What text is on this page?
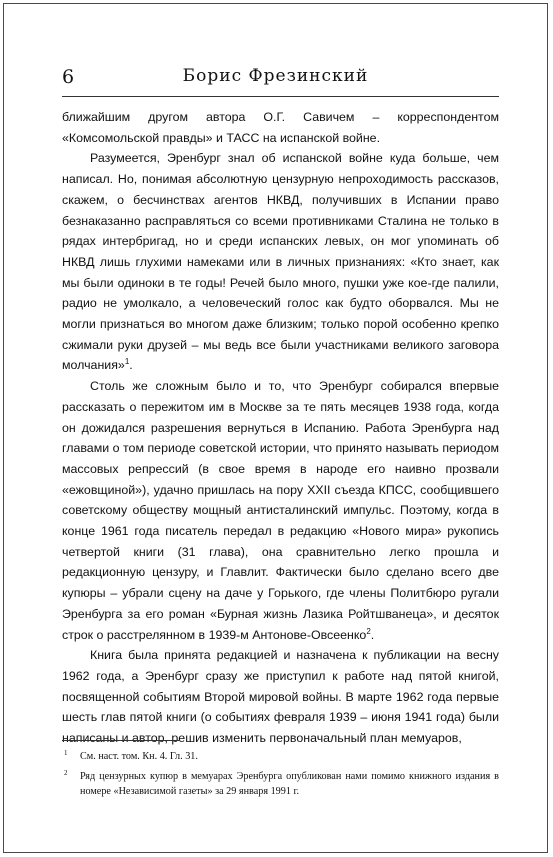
6	Борис Фрезинский

ближайшим другом автора О.Г. Савичем – корреспондентом «Комсомольской правды» и ТАСС на испанской войне.

Разумеется, Эренбург знал об испанской войне куда больше, чем написал. Но, понимая абсолютную цензурную непроходимость рассказов, скажем, о бесчинствах агентов НКВД, получивших в Испании право безнаказанно расправляться со всеми противниками Сталина не только в рядах интербригад, но и среди испанских левых, он мог упоминать об НКВД лишь глухими намеками или в личных признаниях: «Кто знает, как мы были одиноки в те годы! Речей было много, пушки уже кое-где палили, радио не умолкало, а человеческий голос как будто оборвался. Мы не могли признаться во многом даже близким; только порой особенно крепко сжимали руки друзей – мы ведь все были участниками великого заговора молчания»$^1$.

Столь же сложным было и то, что Эренбург собирался впервые рассказать о пережитом им в Москве за те пять месяцев 1938 года, когда он дожидался разрешения вернуться в Испанию. Работа Эренбурга над главами о том периоде советской истории, что принято называть периодом массовых репрессий (в свое время в народе его наивно прозвали «ежовщиной»), удачно пришлась на пору XXII съезда КПСС, сообщившего советскому обществу мощный антисталинский импульс. Поэтому, когда в конце 1961 года писатель передал в редакцию «Нового мира» рукопись четвертой книги (31 глава), она сравнительно легко прошла и редакционную цензуру, и Главлит. Фактически было сделано всего две купюры – убрали сцену на даче у Горького, где члены Политбюро ругали Эренбурга за его роман «Бурная жизнь Лазика Ройтшванеца», и десяток строк о расстрелянном в 1939-м Антонове-Овсеенко$^2$.

Книга была принята редакцией и назначена к публикации на весну 1962 года, а Эренбург сразу же приступил к работе над пятой книгой, посвященной событиям Второй мировой войны. В марте 1962 года первые шесть глав пятой книги (о событиях февраля 1939 – июня 1941 года) были написаны и автор, решив изменить первоначальный план мемуаров,

1 См. наст. том. Кн. 4. Гл. 31.
2 Ряд цензурных купюр в мемуарах Эренбурга опубликован нами помимо книжного издания в номере «Независимой газеты» за 29 января 1991 г.
